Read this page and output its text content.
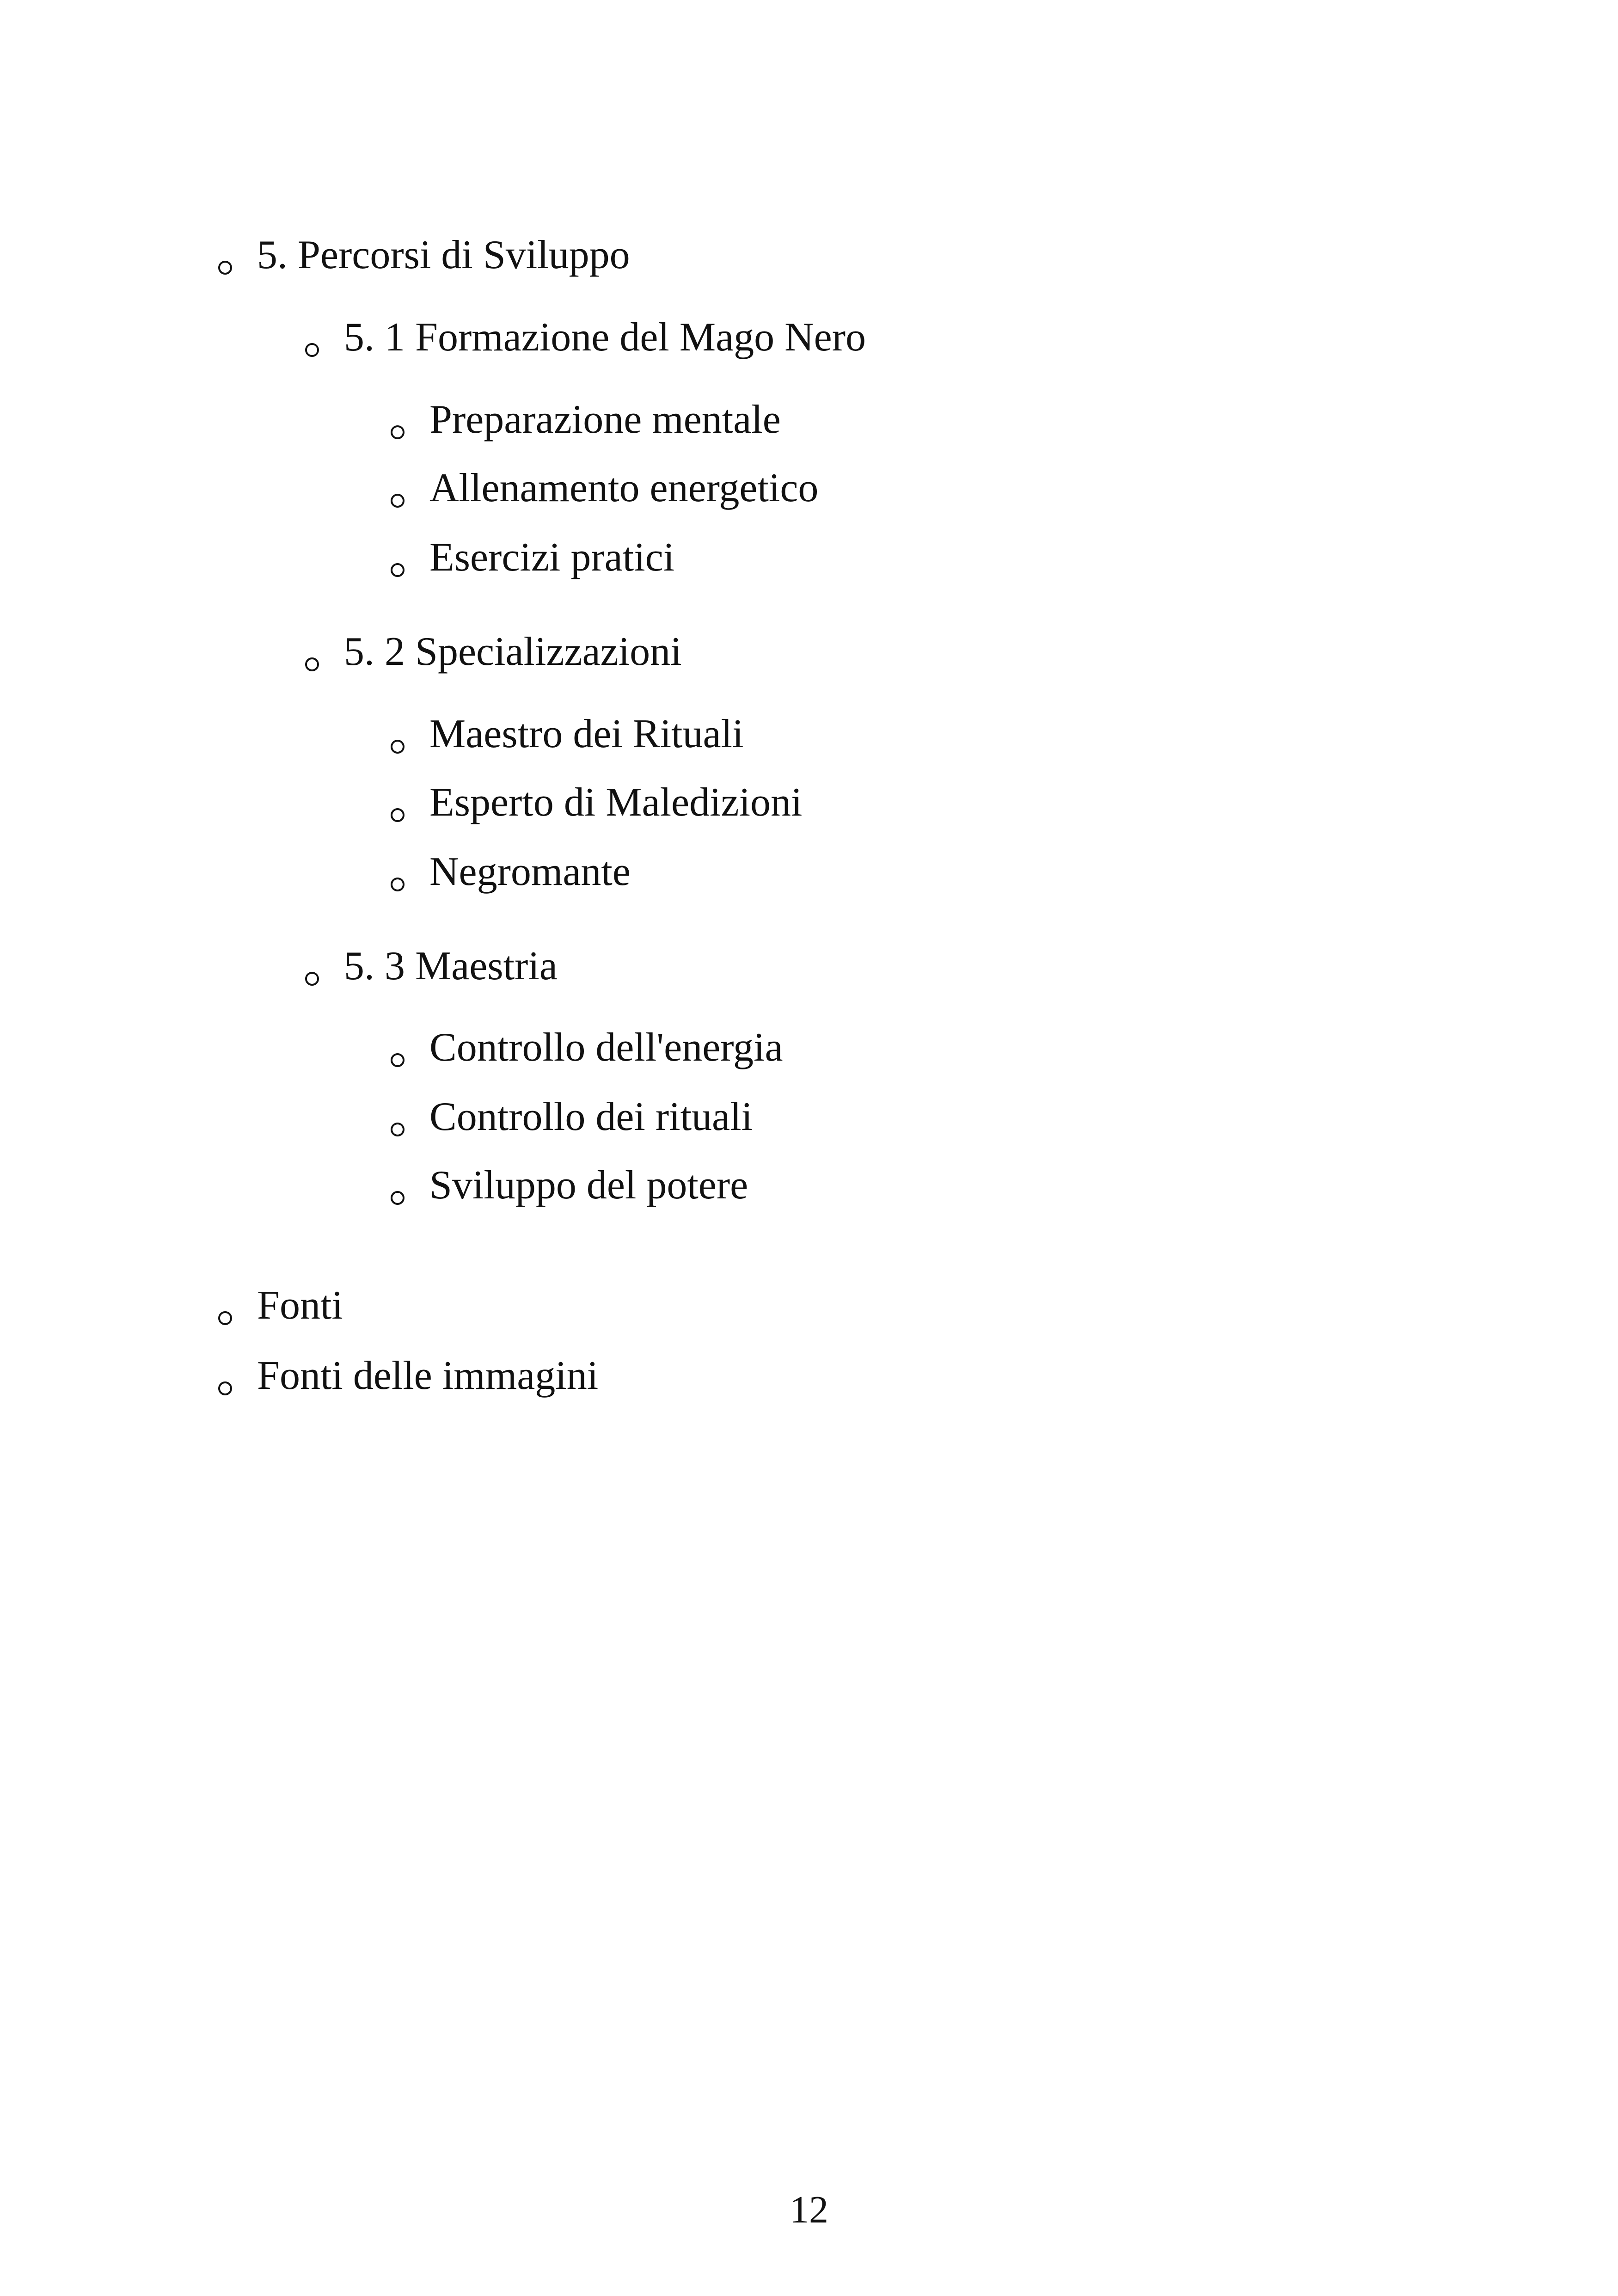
5. Percorsi di Sviluppo
5. 1 Formazione del Mago Nero
Preparazione mentale
Allenamento energetico
Esercizi pratici
5. 2 Specializzazioni
Maestro dei Rituali
Esperto di Maledizioni
Negromante
5. 3 Maestria
Controllo dell'energia
Controllo dei rituali
Sviluppo del potere
Fonti
Fonti delle immagini
12
